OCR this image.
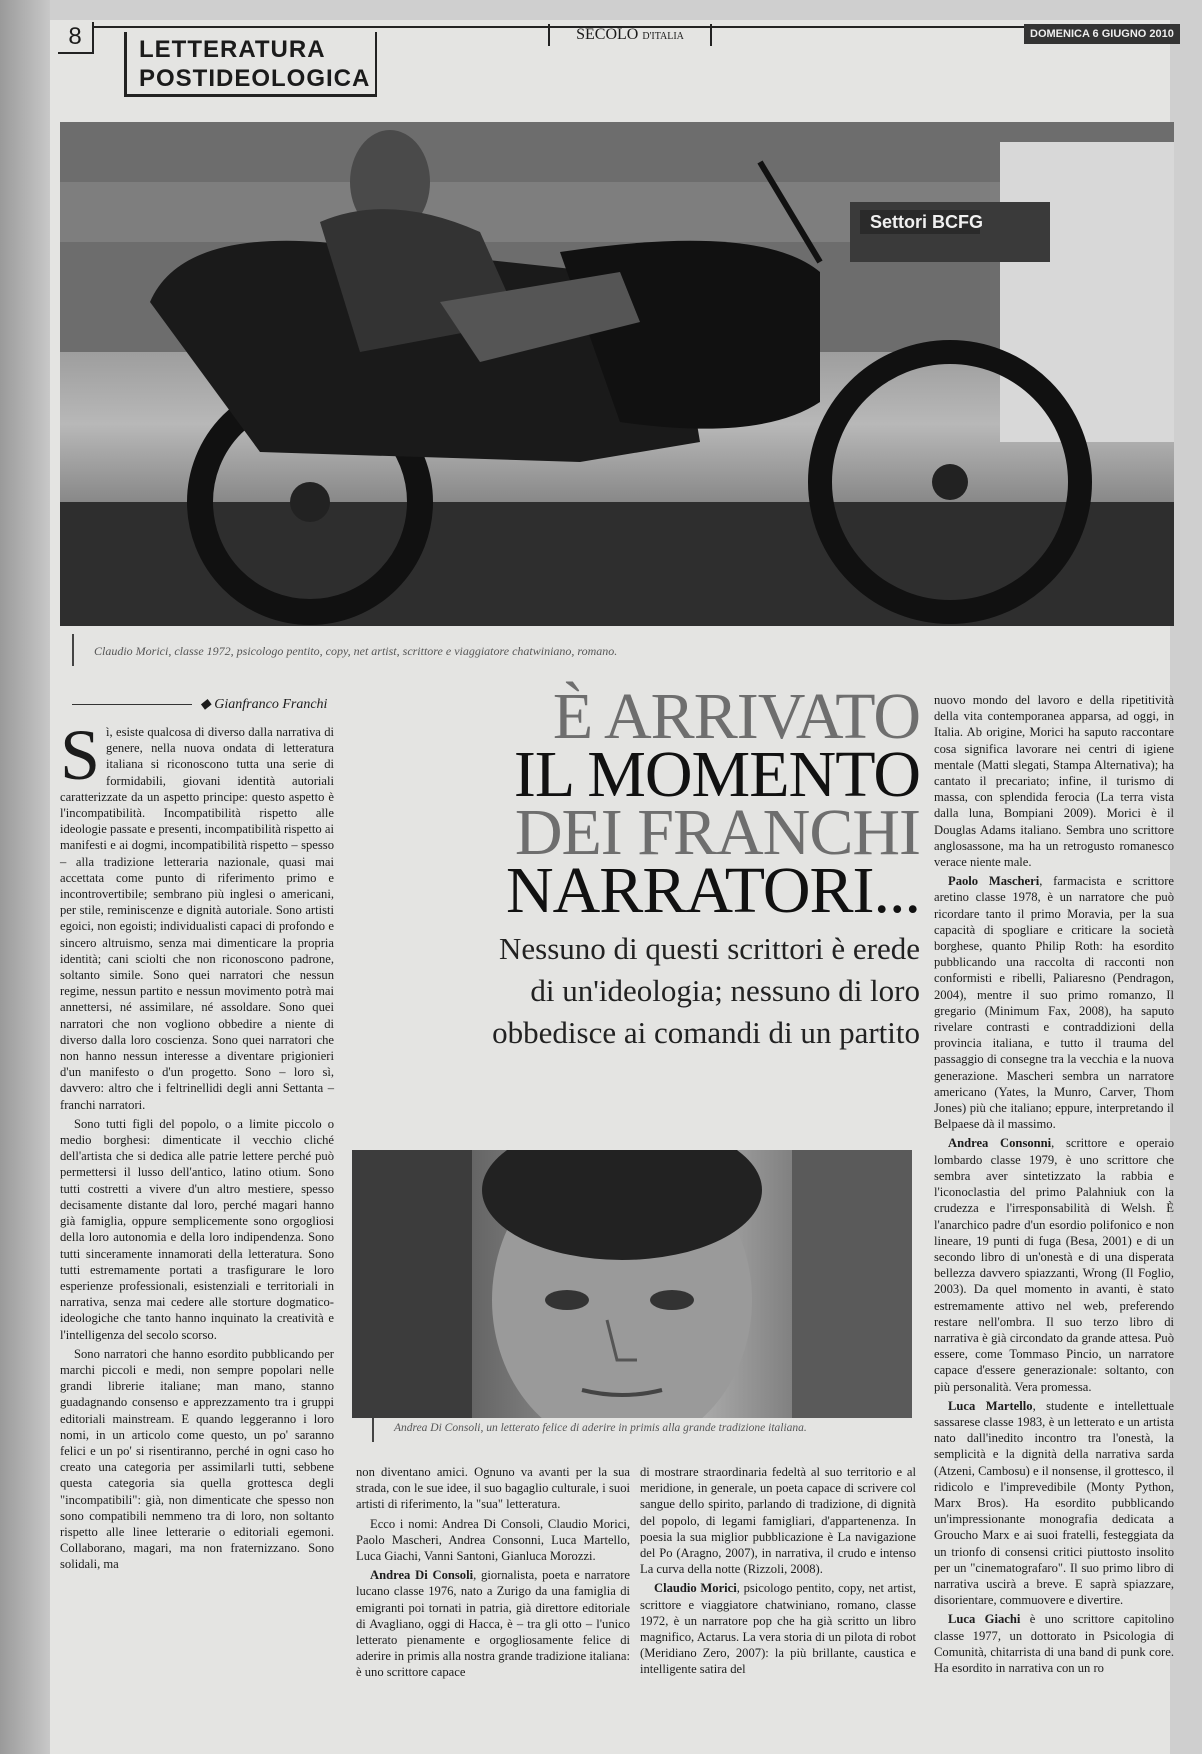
8	LETTERATURA
POSTIDEOLOGICA
SECOLO D'ITALIA	DOMENICA 6 GIUGNO 2010
Settori BCFG
Claudio Morici, classe 1972, psicologo pentito, copy, net artist, scrittore e viaggiatore chatwiniano, romano.
◆ Gianfranco Franchi

Sì, esiste qualcosa di diverso dalla narrativa di genere, nella nuova ondata di letteratura italiana si riconoscono tutta una serie di formidabili, giovani identità autoriali caratterizzate da un aspetto principe: questo aspetto è l'incompatibilità. Incompatibilità rispetto alle ideologie passate e presenti, incompatibilità rispetto ai manifesti e ai dogmi, incompatibilità rispetto – spesso – alla tradizione letteraria nazionale, quasi mai accettata come punto di riferimento primo e incontrovertibile; sembrano più inglesi o americani, per stile, reminiscenze e dignità autoriale. Sono artisti egoici, non egoisti; individualisti capaci di profondo e sincero altruismo, senza mai dimenticare la propria identità; cani sciolti che non riconoscono padrone, soltanto simile. Sono quei narratori che nessun regime, nessun partito e nessun movimento potrà mai annettersi, né assimilare, né assoldare. Sono quei narratori che non vogliono obbedire a niente di diverso dalla loro coscienza. Sono quei narratori che non hanno nessun interesse a diventare prigionieri d'un manifesto o d'un progetto. Sono – loro sì, davvero: altro che i feltrinellidi degli anni Settanta – franchi narratori.

Sono tutti figli del popolo, o a limite piccolo o medio borghesi: dimenticate il vecchio cliché dell'artista che si dedica alle patrie lettere perché può permettersi il lusso dell'antico, latino otium. Sono tutti costretti a vivere d'un altro mestiere, spesso decisamente distante dal loro, perché magari hanno già famiglia, oppure semplicemente sono orgogliosi della loro autonomia e della loro indipendenza. Sono tutti sinceramente innamorati della letteratura. Sono tutti estremamente portati a trasfigurare le loro esperienze professionali, esistenziali e territoriali in narrativa, senza mai cedere alle storture dogmatico-ideologiche che tanto hanno inquinato la creatività e l'intelligenza del secolo scorso.

Sono narratori che hanno esordito pubblicando per marchi piccoli e medi, non sempre popolari nelle grandi librerie italiane; man mano, stanno guadagnando consenso e apprezzamento tra i gruppi editoriali mainstream. E quando leggeranno i loro nomi, in un articolo come questo, un po' saranno felici e un po' si risentiranno, perché in ogni caso ho creato una categoria per assimilarli tutti, sebbene questa categoria sia quella grottesca degli "incompatibili": già, non dimenticate che spesso non sono compatibili nemmeno tra di loro, non soltanto rispetto alle linee letterarie o editoriali egemoni. Collaborano, magari, ma non fraternizzano. Sono solidali, ma

È ARRIVATO
IL MOMENTO
DEI FRANCHI
NARRATORI...
Nessuno di questi scrittori è erede
di un'ideologia; nessuno di loro
obbedisce ai comandi di un partito
Andrea Di Consoli, un letterato felice di aderire in primis alla grande tradizione italiana.

non diventano amici. Ognuno va avanti per la sua strada, con le sue idee, il suo bagaglio culturale, i suoi artisti di riferimento, la "sua" letteratura.

Ecco i nomi: Andrea Di Consoli, Claudio Morici, Paolo Mascheri, Andrea Consonni, Luca Martello, Luca Giachi, Vanni Santoni, Gianluca Morozzi.

Andrea Di Consoli, giornalista, poeta e narratore lucano classe 1976, nato a Zurigo da una famiglia di emigranti poi tornati in patria, già direttore editoriale di Avagliano, oggi di Hacca, è – tra gli otto – l'unico letterato pienamente e orgogliosamente felice di aderire in primis alla nostra grande tradizione italiana: è uno scrittore capace

di mostrare straordinaria fedeltà al suo territorio e al meridione, in generale, un poeta capace di scrivere col sangue dello spirito, parlando di tradizione, di dignità del popolo, di legami famigliari, d'appartenenza. In poesia la sua miglior pubblicazione è La navigazione del Po (Aragno, 2007), in narrativa, il crudo e intenso La curva della notte (Rizzoli, 2008).

Claudio Morici, psicologo pentito, copy, net artist, scrittore e viaggiatore chatwiniano, romano, classe 1972, è un narratore pop che ha già scritto un libro magnifico, Actarus. La vera storia di un pilota di robot (Meridiano Zero, 2007): la più brillante, caustica e intelligente satira del

nuovo mondo del lavoro e della ripetitività della vita contemporanea apparsa, ad oggi, in Italia. Ab origine, Morici ha saputo raccontare cosa significa lavorare nei centri di igiene mentale (Matti slegati, Stampa Alternativa); ha cantato il precariato; infine, il turismo di massa, con splendida ferocia (La terra vista dalla luna, Bompiani 2009). Morici è il Douglas Adams italiano. Sembra uno scrittore anglosassone, ma ha un retrogusto romanesco verace niente male.

Paolo Mascheri, farmacista e scrittore aretino classe 1978, è un narratore che può ricordare tanto il primo Moravia, per la sua capacità di spogliare e criticare la società borghese, quanto Philip Roth: ha esordito pubblicando una raccolta di racconti non conformisti e ribelli, Paliaresno (Pendragon, 2004), mentre il suo primo romanzo, Il gregario (Minimum Fax, 2008), ha saputo rivelare contrasti e contraddizioni della provincia italiana, e tutto il trauma del passaggio di consegne tra la vecchia e la nuova generazione. Mascheri sembra un narratore americano (Yates, la Munro, Carver, Thom Jones) più che italiano; eppure, interpretando il Belpaese dà il massimo.

Andrea Consonni, scrittore e operaio lombardo classe 1979, è uno scrittore che sembra aver sintetizzato la rabbia e l'iconoclastia del primo Palahniuk con la crudezza e l'irresponsabilità di Welsh. È l'anarchico padre d'un esordio polifonico e non lineare, 19 punti di fuga (Besa, 2001) e di un secondo libro di un'onestà e di una disperata bellezza davvero spiazzanti, Wrong (Il Foglio, 2003). Da quel momento in avanti, è stato estremamente attivo nel web, preferendo restare nell'ombra. Il suo terzo libro di narrativa è già circondato da grande attesa. Può essere, come Tommaso Pincio, un narratore capace d'essere generazionale: soltanto, con più personalità. Vera promessa.

Luca Martello, studente e intellettuale sassarese classe 1983, è un letterato e un artista nato dall'inedito incontro tra l'onestà, la semplicità e la dignità della narrativa sarda (Atzeni, Cambosu) e il nonsense, il grottesco, il ridicolo e l'imprevedibile (Monty Python, Marx Bros). Ha esordito pubblicando un'impressionante monografia dedicata a Groucho Marx e ai suoi fratelli, festeggiata da un trionfo di consensi critici piuttosto insolito per un "cinematografaro". Il suo primo libro di narrativa uscirà a breve. E saprà spiazzare, disorientare, commuovere e divertire.

Luca Giachi è uno scrittore capitolino classe 1977, un dottorato in Psicologia di Comunità, chitarrista di una band di punk core. Ha esordito in narrativa con un ro
